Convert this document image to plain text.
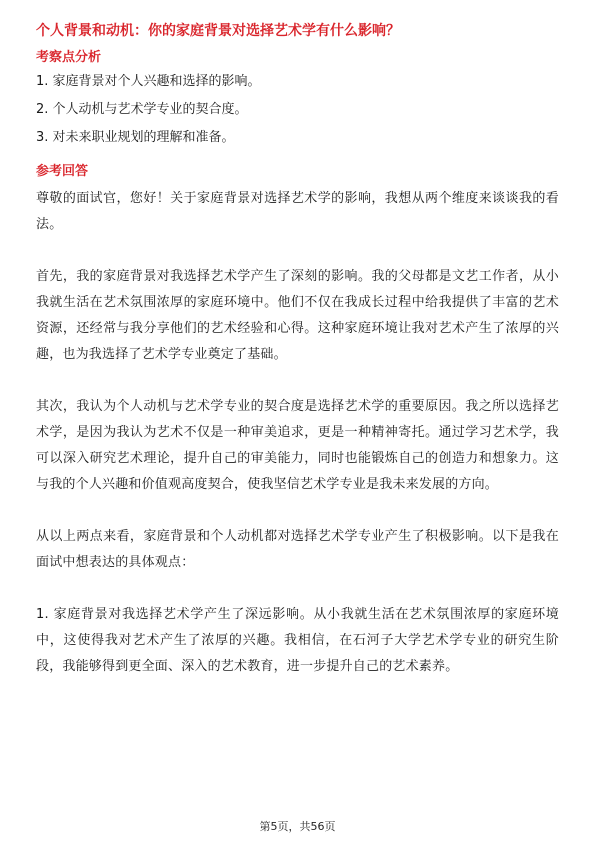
个人背景和动机：你的家庭背景对选择艺术学有什么影响？
考察点分析
1. 家庭背景对个人兴趣和选择的影响。
2. 个人动机与艺术学专业的契合度。
3. 对未来职业规划的理解和准备。
参考回答

尊敬的面试官，您好！关于家庭背景对选择艺术学的影响，我想从两个维度来谈谈我的看法。

首先，我的家庭背景对我选择艺术学产生了深刻的影响。我的父母都是文艺工作者，从小我就生活在艺术氛围浓厚的家庭环境中。他们不仅在我成长过程中给我提供了丰富的艺术资源，还经常与我分享他们的艺术经验和心得。这种家庭环境让我对艺术产生了浓厚的兴趣，也为我选择了艺术学专业奠定了基础。

其次，我认为个人动机与艺术学专业的契合度是选择艺术学的重要原因。我之所以选择艺术学，是因为我认为艺术不仅是一种审美追求，更是一种精神寄托。通过学习艺术学，我可以深入研究艺术理论，提升自己的审美能力，同时也能锻炼自己的创造力和想象力。这与我的个人兴趣和价值观高度契合，使我坚信艺术学专业是我未来发展的方向。

从以上两点来看，家庭背景和个人动机都对选择艺术学专业产生了积极影响。以下是我在面试中想表达的具体观点：

1. 家庭背景对我选择艺术学产生了深远影响。从小我就生活在艺术氛围浓厚的家庭环境中，这使得我对艺术产生了浓厚的兴趣。我相信，在石河子大学艺术学专业的研究生阶段，我能够得到更全面、深入的艺术教育，进一步提升自己的艺术素养。

第5页，共56页
